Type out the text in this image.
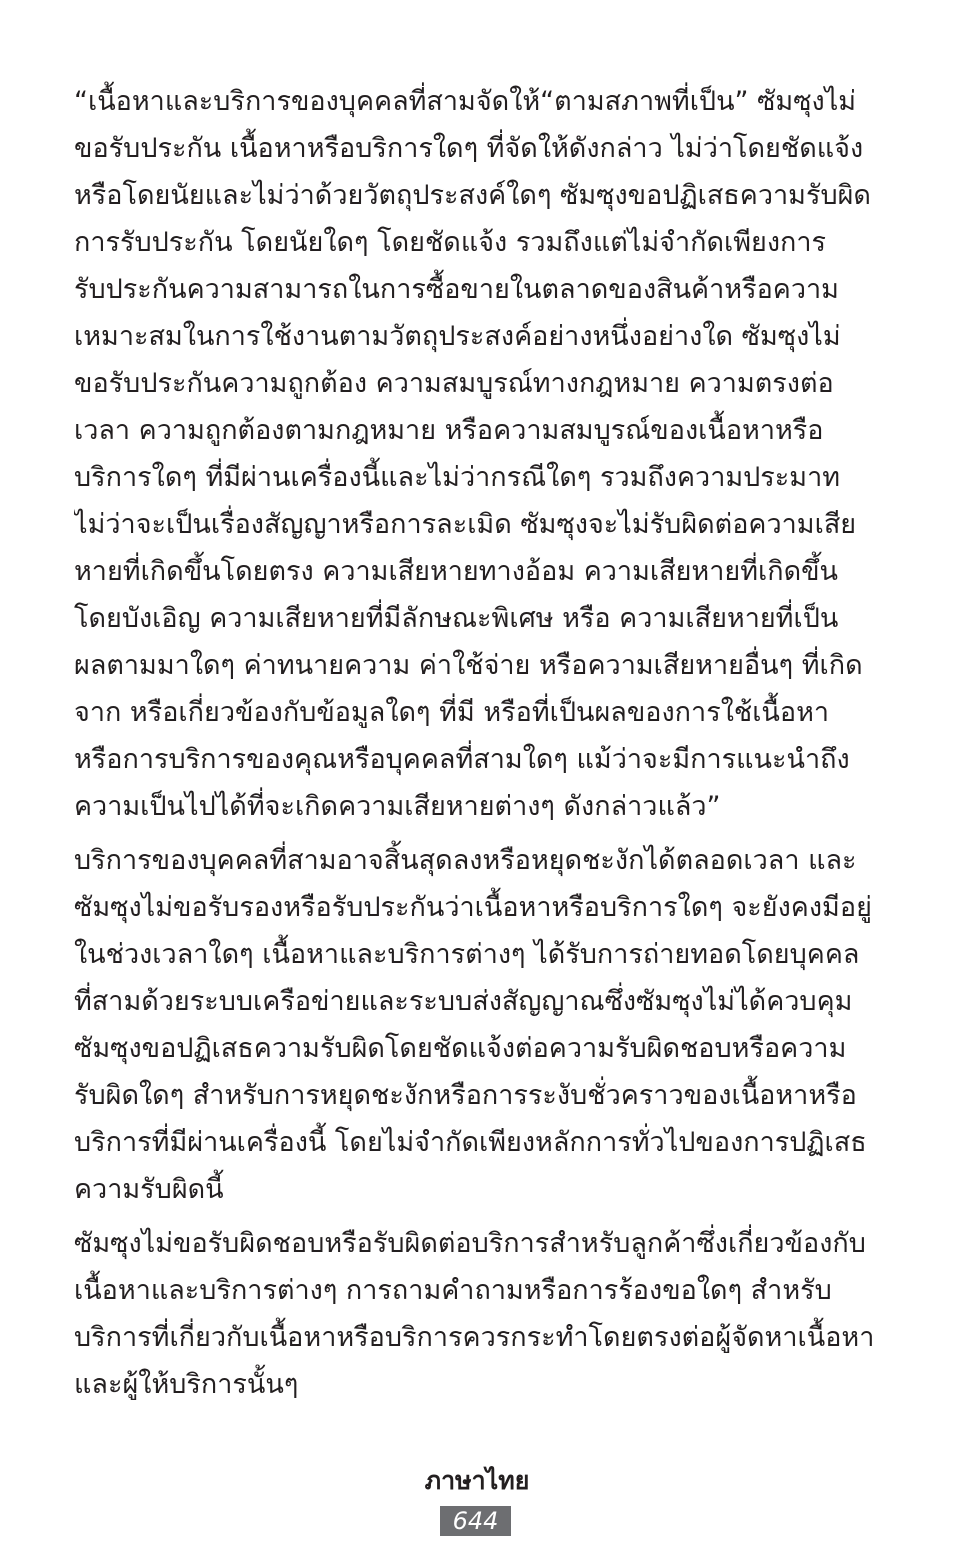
“เนื้อหาและบริการของบุคคลที่สามจัดให้“ตามสภาพที่เป็น” ซัมซุงไม่
ขอรับประกัน เนื้อหาหรือบริการใดๆ ที่จัดให้ดังกล่าว ไม่ว่าโดยชัดแจ้ง
หรือโดยนัยและไม่ว่าด้วยวัตถุประสงค์ใดๆ ซัมซุงขอปฏิเสธความรับผิด
การรับประกัน โดยนัยใดๆ โดยชัดแจ้ง รวมถึงแต่ไม่จำกัดเพียงการ
รับประกันความสามารถในการซื้อขายในตลาดของสินค้าหรือความ
เหมาะสมในการใช้งานตามวัตถุประสงค์อย่างหนึ่งอย่างใด ซัมซุงไม่
ขอรับประกันความถูกต้อง ความสมบูรณ์ทางกฎหมาย ความตรงต่อ
เวลา ความถูกต้องตามกฎหมาย หรือความสมบูรณ์ของเนื้อหาหรือ
บริการใดๆ ที่มีผ่านเครื่องนี้และไม่ว่ากรณีใดๆ รวมถึงความประมาท
ไม่ว่าจะเป็นเรื่องสัญญาหรือการละเมิด ซัมซุงจะไม่รับผิดต่อความเสีย
หายที่เกิดขึ้นโดยตรง ความเสียหายทางอ้อม ความเสียหายที่เกิดขึ้น
โดยบังเอิญ ความเสียหายที่มีลักษณะพิเศษ หรือ ความเสียหายที่เป็น
ผลตามมาใดๆ ค่าทนายความ ค่าใช้จ่าย หรือความเสียหายอื่นๆ ที่เกิด
จาก หรือเกี่ยวข้องกับข้อมูลใดๆ ที่มี หรือที่เป็นผลของการใช้เนื้อหา
หรือการบริการของคุณหรือบุคคลที่สามใดๆ แม้ว่าจะมีการแนะนำถึง
ความเป็นไปได้ที่จะเกิดความเสียหายต่างๆ ดังกล่าวแล้ว”

บริการของบุคคลที่สามอาจสิ้นสุดลงหรือหยุดชะงักได้ตลอดเวลา และ
ซัมซุงไม่ขอรับรองหรือรับประกันว่าเนื้อหาหรือบริการใดๆ จะยังคงมีอยู่
ในช่วงเวลาใดๆ เนื้อหาและบริการต่างๆ ได้รับการถ่ายทอดโดยบุคคล
ที่สามด้วยระบบเครือข่ายและระบบส่งสัญญาณซึ่งซัมซุงไม่ได้ควบคุม
ซัมซุงขอปฏิเสธความรับผิดโดยชัดแจ้งต่อความรับผิดชอบหรือความ
รับผิดใดๆ สำหรับการหยุดชะงักหรือการระงับชั่วคราวของเนื้อหาหรือ
บริการที่มีผ่านเครื่องนี้ โดยไม่จำกัดเพียงหลักการทั่วไปของการปฏิเสธ
ความรับผิดนี้

ซัมซุงไม่ขอรับผิดชอบหรือรับผิดต่อบริการสำหรับลูกค้าซึ่งเกี่ยวข้องกับ
เนื้อหาและบริการต่างๆ การถามคำถามหรือการร้องขอใดๆ สำหรับ
บริการที่เกี่ยวกับเนื้อหาหรือบริการควรกระทำโดยตรงต่อผู้จัดหาเนื้อหา
และผู้ให้บริการนั้นๆ

ภาษาไทย
644
